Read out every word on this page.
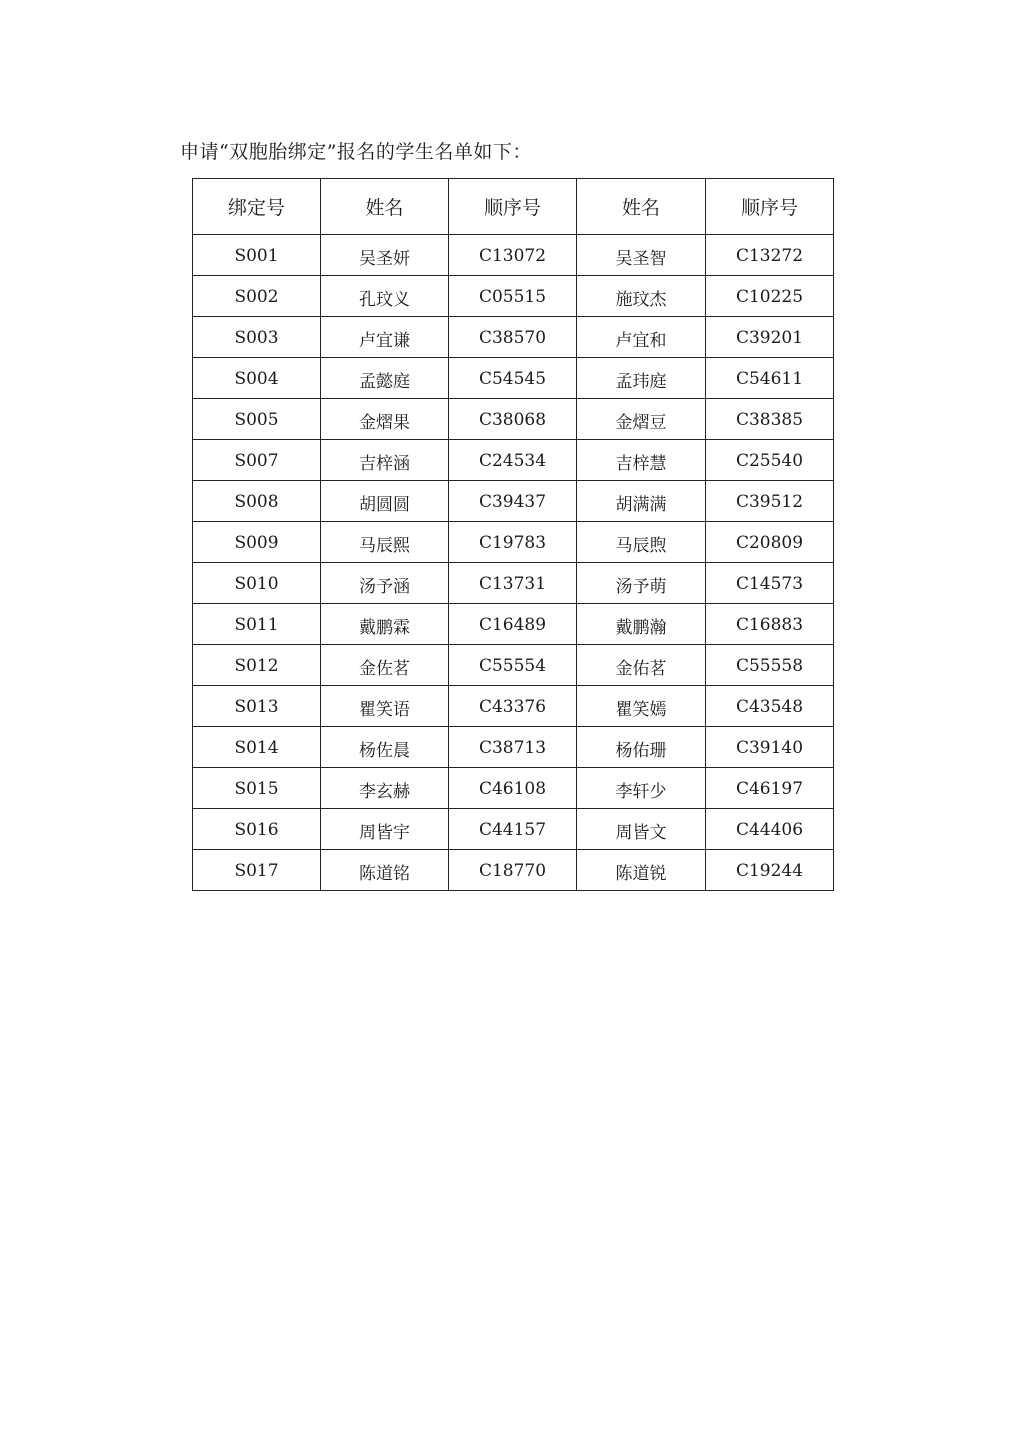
申请“双胞胎绑定”报名的学生名单如下：
绑定号	姓名	顺序号	姓名	顺序号
S001	吴圣妍	C13072	吴圣智	C13272
S002	孔玟义	C05515	施玟杰	C10225
S003	卢宜谦	C38570	卢宜和	C39201
S004	孟懿庭	C54545	孟玮庭	C54611
S005	金熠果	C38068	金熠豆	C38385
S007	吉梓涵	C24534	吉梓慧	C25540
S008	胡圆圆	C39437	胡满满	C39512
S009	马辰熙	C19783	马辰煦	C20809
S010	汤予涵	C13731	汤予萌	C14573
S011	戴鹏霖	C16489	戴鹏瀚	C16883
S012	金佐茗	C55554	金佑茗	C55558
S013	瞿笑语	C43376	瞿笑嫣	C43548
S014	杨佐晨	C38713	杨佑珊	C39140
S015	李玄赫	C46108	李轩少	C46197
S016	周皆宇	C44157	周皆文	C44406
S017	陈道铭	C18770	陈道锐	C19244
